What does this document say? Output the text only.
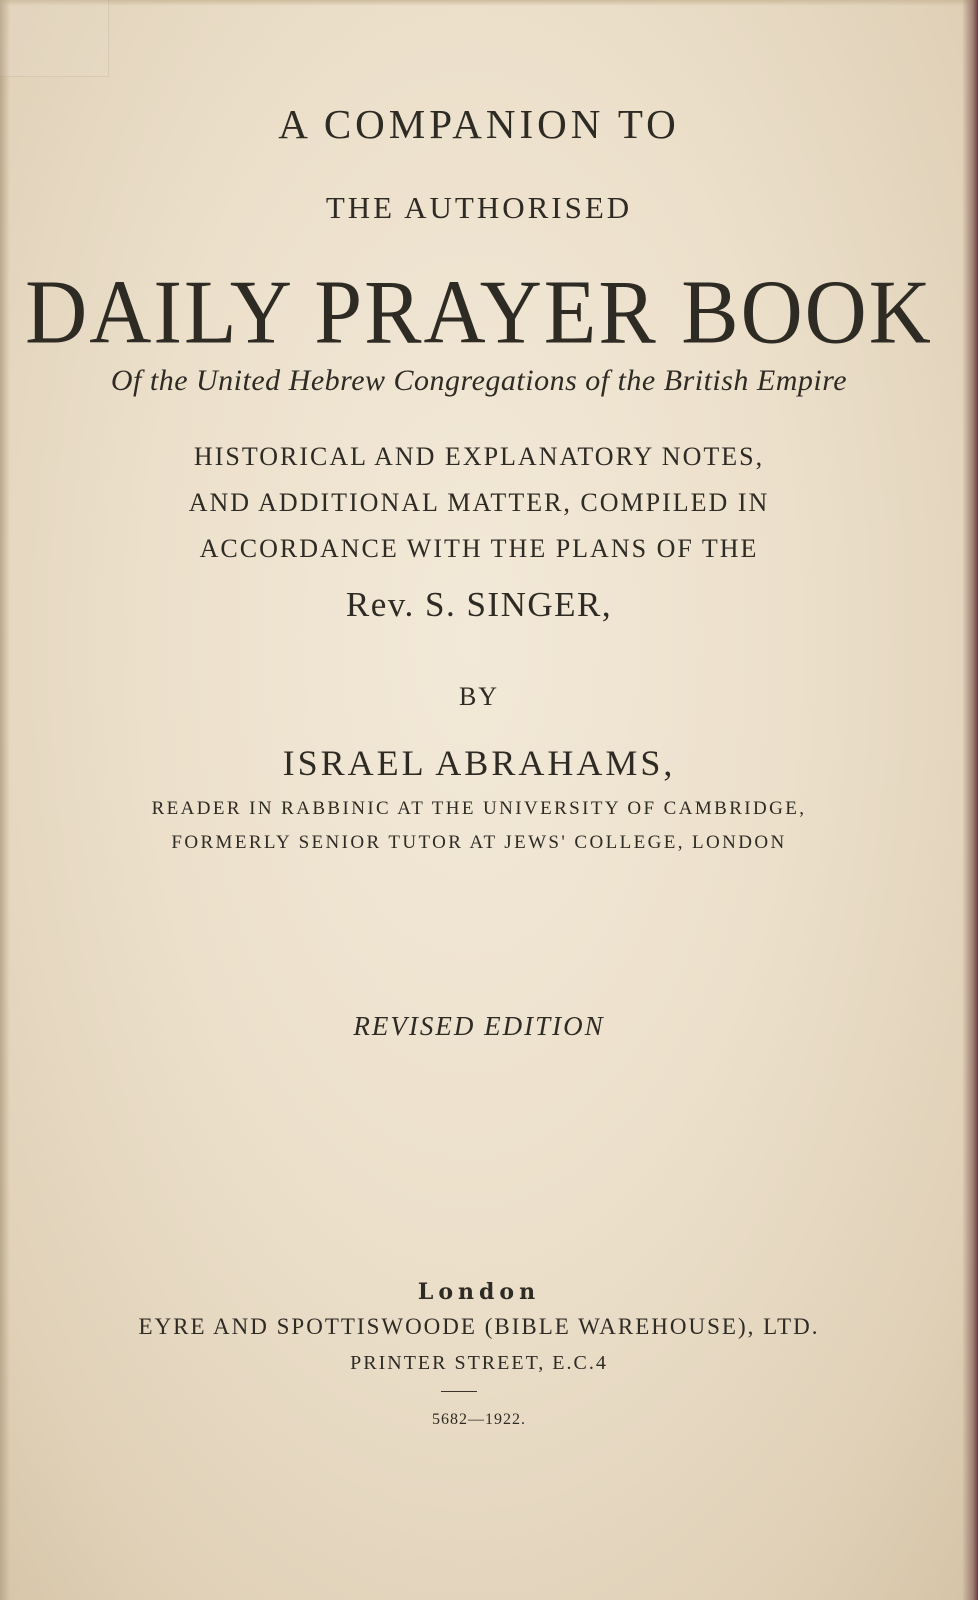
A COMPANION TO

THE AUTHORISED

DAILY PRAYER BOOK

Of the United Hebrew Congregations of the British Empire

HISTORICAL AND EXPLANATORY NOTES,

AND ADDITIONAL MATTER, COMPILED IN

ACCORDANCE WITH THE PLANS OF THE

Rev. S. SINGER,

BY

ISRAEL ABRAHAMS,

READER IN RABBINIC AT THE UNIVERSITY OF CAMBRIDGE,

FORMERLY SENIOR TUTOR AT JEWS' COLLEGE, LONDON

REVISED EDITION

London

EYRE AND SPOTTISWOODE (BIBLE WAREHOUSE), LTD.

PRINTER STREET, E.C.4

5682—1922.
